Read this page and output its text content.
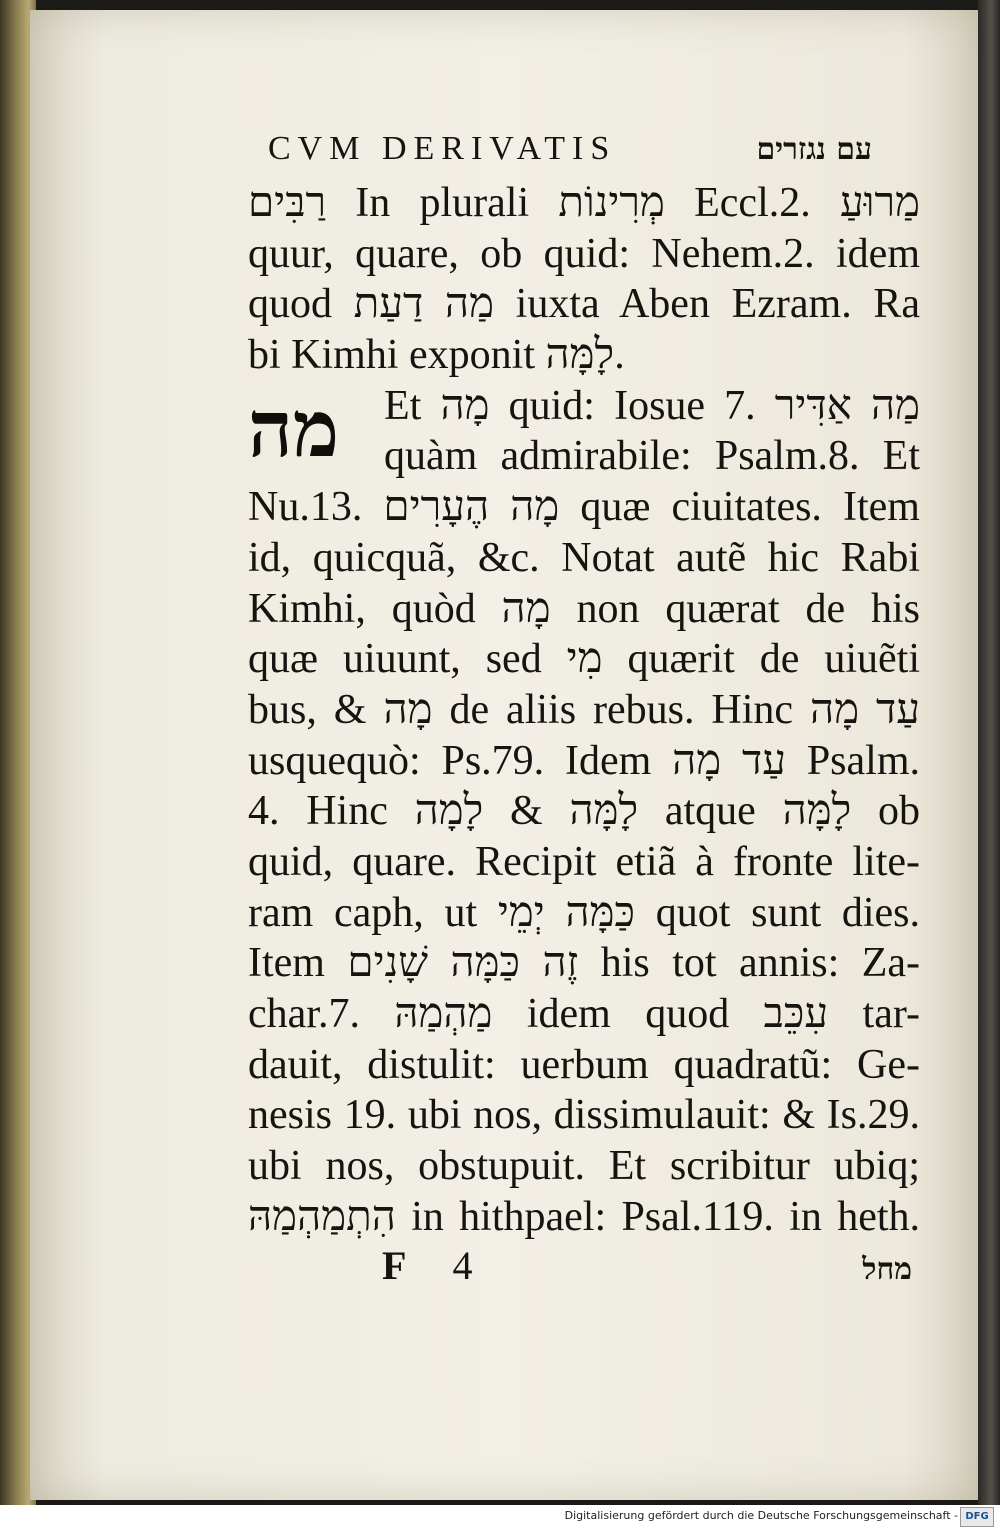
CVM DERIVATIS	עם נגזרים
רַבִּים In plurali מְרִינוֹת Eccl.2. מַרוּעַ
quur, quare, ob quid: Nehem.2. idem
quod מַה דַעַת iuxta Aben Ezram. Ra
bi Kimhi exponit לָמָּה.
Et מָה quid: Iosue 7. מַה אַדִּיר
quàm admirabile: Psalm.8. Et
Nu.13. מָה הֶעָרִים quæ ciuitates. Item
id, quicquã, &c. Notat autẽ hic Rabi
Kimhi, quòd מָה non quærat de his
quæ uiuunt, sed מִי quærit de uiuẽti
bus, & מָה de aliis rebus. Hinc עַד מָה
usquequò: Ps.79. Idem עַד מָה Psalm.
4. Hinc לָמָּה & לָמָה atque לָמָּה ob
quid, quare. Recipit etiã à fronte lite-
ram caph, ut כַּמָּה יְמֵי quot sunt dies.
Item זֶה כַּמָּה שָׁנִים his tot annis: Za-
char.7. מַהְמַהּ idem quod עִכֵּב tar-
dauit, distulit: uerbum quadratũ: Ge-
nesis 19. ubi nos, dissimulauit: & Is.29.
ubi nos, obstupuit. Et scribitur ubiq;
הִתְמַהְמַהּ in hithpael: Psal.119. in heth.
F 4	מחל
מה
Digitalisierung gefördert durch die Deutsche Forschungsgemeinschaft - DFG
